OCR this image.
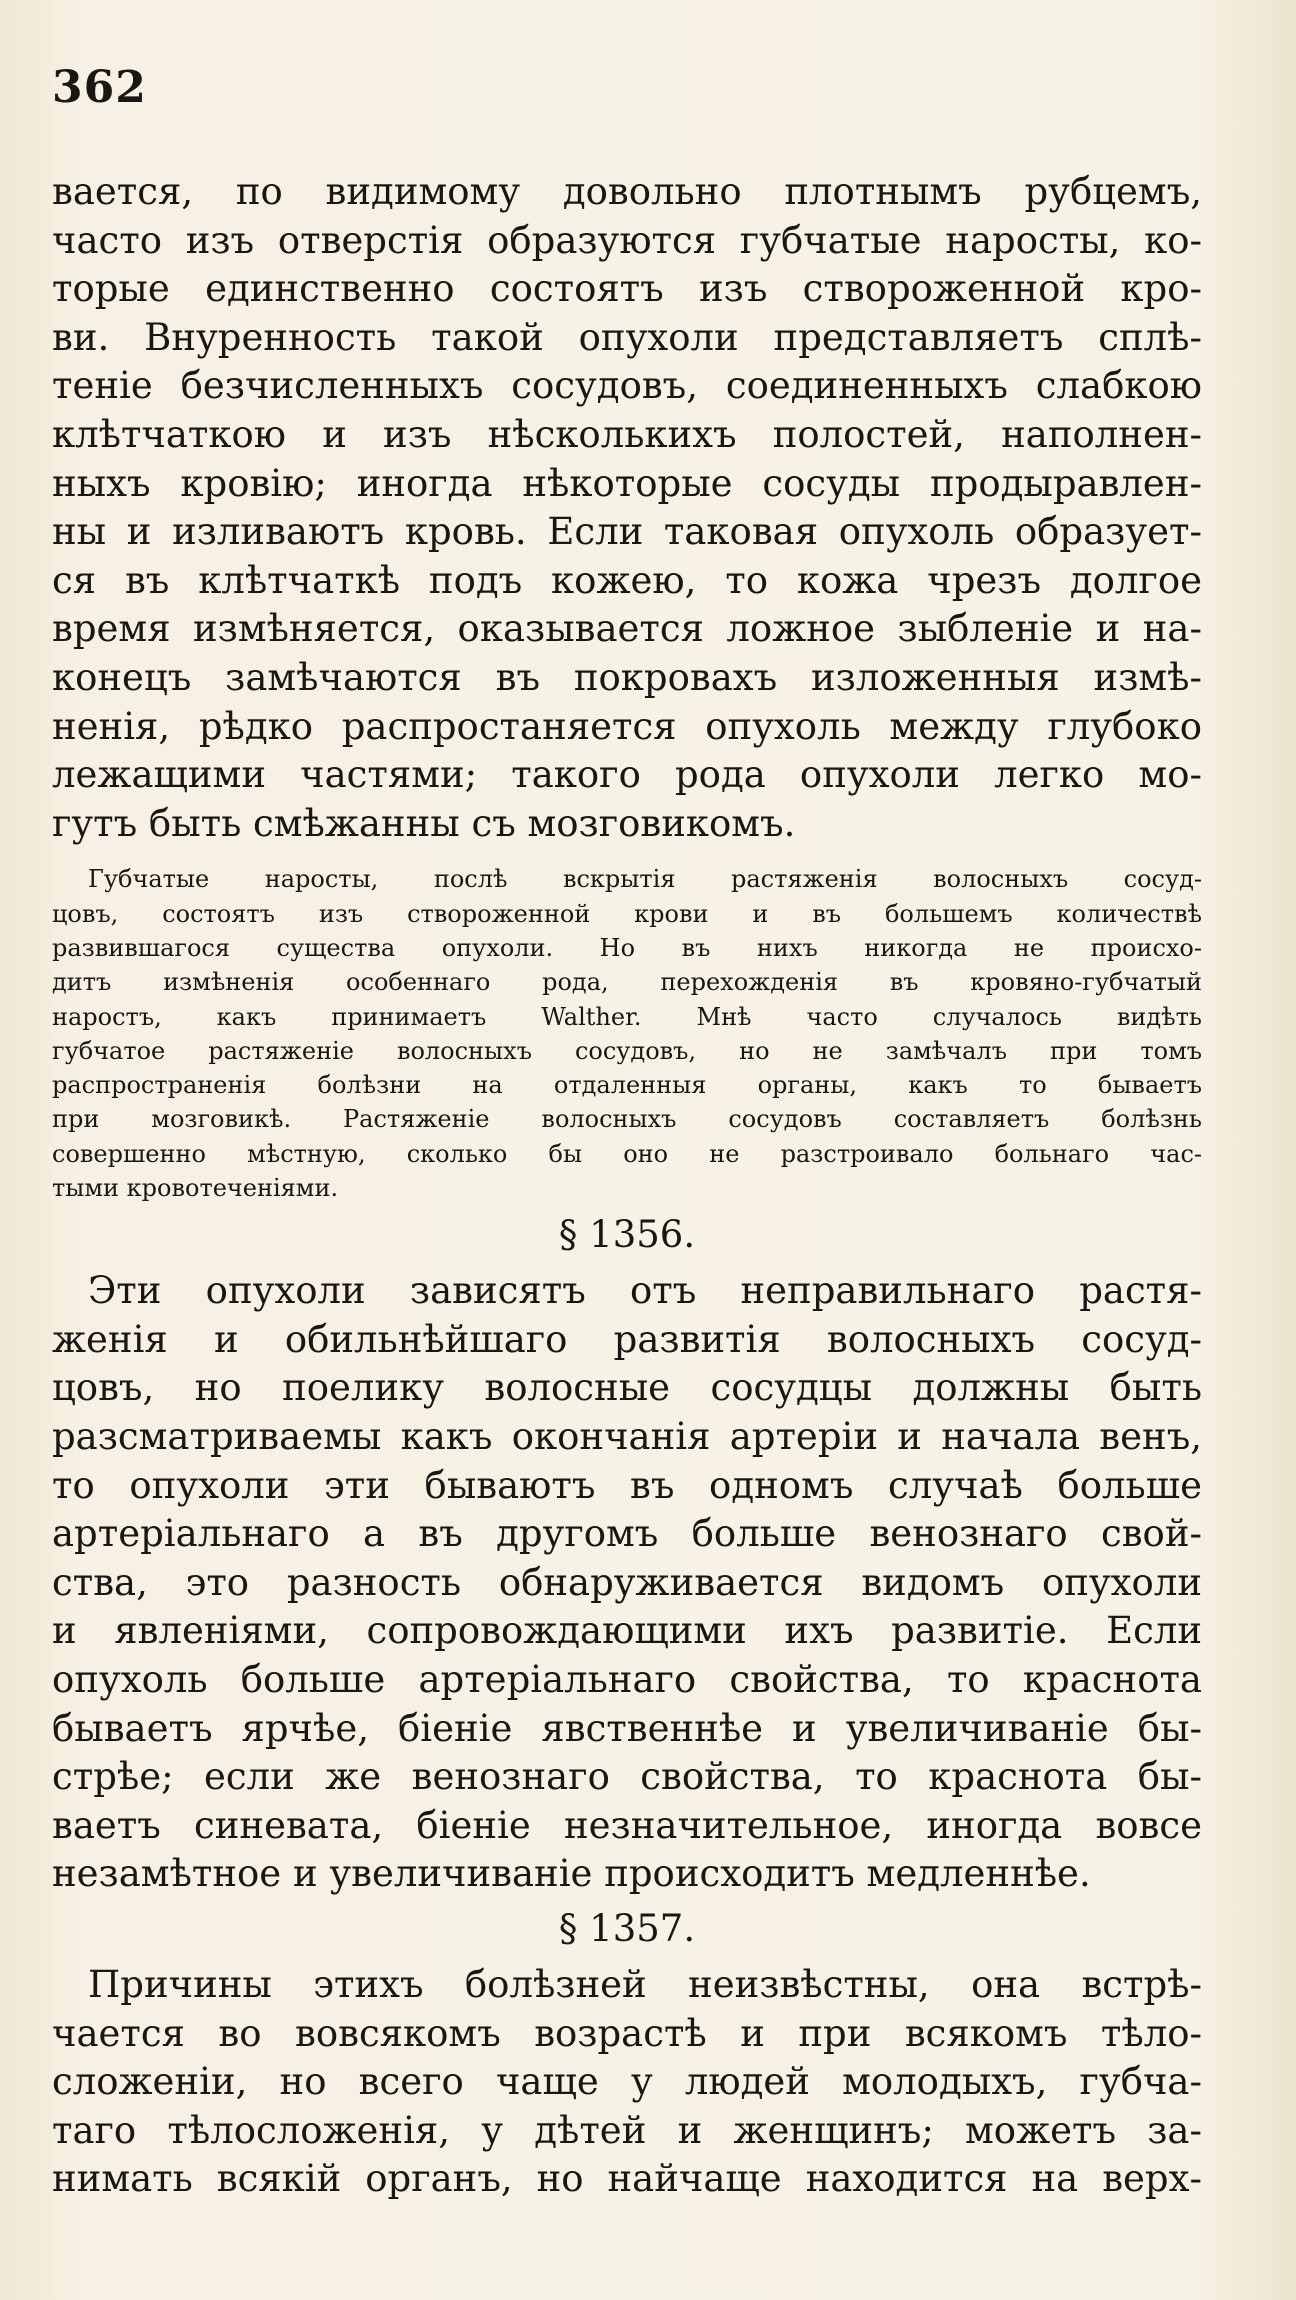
362
вается, по видимому довольно плотнымъ рубцемъ,
часто изъ отверстія образуются губчатые наросты, ко-
торые единственно состоятъ изъ створоженной кро-
ви. Внуренность такой опухоли представляетъ сплѣ-
теніе безчисленныхъ сосудовъ, соединенныхъ слабкою
клѣтчаткою и изъ нѣсколькихъ полостей, наполнен-
ныхъ кровію; иногда нѣкоторые сосуды продыравлен-
ны и изливаютъ кровь. Если таковая опухоль образует-
ся въ клѣтчаткѣ подъ кожею, то кожа чрезъ долгое
время измѣняется, оказывается ложное зыбленіе и на-
конецъ замѣчаются въ покровахъ изложенныя измѣ-
ненія, рѣдко распростаняется опухоль между глубоко
лежащими частями; такого рода опухоли легко мо-
гутъ быть смѣжанны съ мозговикомъ.
Губчатые наросты, послѣ вскрытія растяженія волосныхъ сосуд-
цовъ, состоятъ изъ створоженной крови и въ большемъ количествѣ
развившагося существа опухоли. Но въ нихъ никогда не происхо-
дитъ измѣненія особеннаго рода, перехожденія въ кровяно-губчатый
наростъ, какъ принимаетъ Walther. Мнѣ часто случалось видѣть
губчатое растяженіе волосныхъ сосудовъ, но не замѣчалъ при томъ
распространенія болѣзни на отдаленныя органы, какъ то бываетъ
при мозговикѣ. Растяженіе волосныхъ сосудовъ составляетъ болѣзнь
совершенно мѣстную, сколько бы оно не разстроивало больнаго час-
тыми кровотеченіями.
§ 1356.
Эти опухоли зависятъ отъ неправильнаго растя-
женія и обильнѣйшаго развитія волосныхъ сосуд-
цовъ, но поелику волосные сосудцы должны быть
разсматриваемы какъ окончанія артеріи и начала венъ,
то опухоли эти бываютъ въ одномъ случаѣ больше
артеріальнаго а въ другомъ больше венознаго свой-
ства, это разность обнаруживается видомъ опухоли
и явленіями, сопровождающими ихъ развитіе. Если
опухоль больше артеріальнаго свойства, то краснота
бываетъ ярчѣе, біеніе явственнѣе и увеличиваніе бы-
стрѣе; если же венознаго свойства, то краснота бы-
ваетъ синевата, біеніе незначительное, иногда вовсе
незамѣтное и увеличиваніе происходитъ медленнѣе.
§ 1357.
Причины этихъ болѣзней неизвѣстны, она встрѣ-
чается во вовсякомъ возрастѣ и при всякомъ тѣло-
сложеніи, но всего чаще у людей молодыхъ, губча-
таго тѣлосложенія, у дѣтей и женщинъ; можетъ за-
нимать всякій органъ, но найчаще находится на верх-
